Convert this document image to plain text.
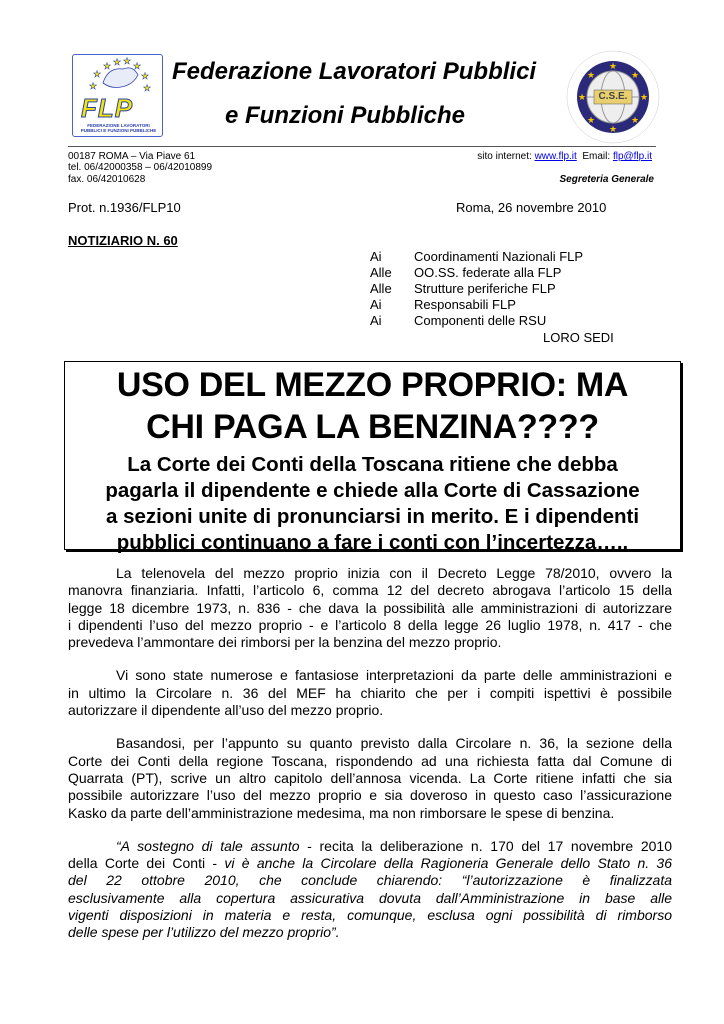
★ ★
★ ★
★	★
★	★
FLP
FEDERAZIONE LAVORATORI PUBBLICI E FUNZIONI PUBBLICHE
Federazione Lavoratori Pubblici
e Funzioni Pubbliche
★
★
★	★
★	★
★	★
C.S.E.
00187 ROMA – Via Piave 61
tel. 06/42000358 – 06/42010899
fax. 06/42010628
sito internet: www.flp.it Email: flp@flp.it
Segreteria Generale
Prot. n.1936/FLP10	Roma, 26 novembre 2010
NOTIZIARIO N. 60
Ai Coordinamenti Nazionali FLP
Alle OO.SS. federate alla FLP
Alle Strutture periferiche FLP
Ai Responsabili FLP
Ai Componenti delle RSU
LORO SEDI
USO DEL MEZZO PROPRIO: MA
CHI PAGA LA BENZINA????
La Corte dei Conti della Toscana ritiene che debba
pagarla il dipendente e chiede alla Corte di Cassazione
a sezioni unite di pronunciarsi in merito. E i dipendenti
pubblici continuano a fare i conti con l’incertezza…..
La telenovela del mezzo proprio inizia con il Decreto Legge 78/2010, ovvero la
manovra finanziaria. Infatti, l’articolo 6, comma 12 del decreto abrogava l’articolo 15 della
legge 18 dicembre 1973, n. 836 - che dava la possibilità alle amministrazioni di autorizzare
i dipendenti l’uso del mezzo proprio - e l’articolo 8 della legge 26 luglio 1978, n. 417 - che
prevedeva l’ammontare dei rimborsi per la benzina del mezzo proprio.
Vi sono state numerose e fantasiose interpretazioni da parte delle amministrazioni e
in ultimo la Circolare n. 36 del MEF ha chiarito che per i compiti ispettivi è possibile
autorizzare il dipendente all’uso del mezzo proprio.
Basandosi, per l’appunto su quanto previsto dalla Circolare n. 36, la sezione della
Corte dei Conti della regione Toscana, rispondendo ad una richiesta fatta dal Comune di
Quarrata (PT), scrive un altro capitolo dell’annosa vicenda. La Corte ritiene infatti che sia
possibile autorizzare l’uso del mezzo proprio e sia doveroso in questo caso l’assicurazione
Kasko da parte dell’amministrazione medesima, ma non rimborsare le spese di benzina.
“A sostegno di tale assunto - recita la deliberazione n. 170 del 17 novembre 2010
della Corte dei Conti - vi è anche la Circolare della Ragioneria Generale dello Stato n. 36
del 22 ottobre 2010, che conclude chiarendo: “l’autorizzazione è finalizzata
esclusivamente alla copertura assicurativa dovuta dall’Amministrazione in base alle
vigenti disposizioni in materia e resta, comunque, esclusa ogni possibilità di rimborso
delle spese per l’utilizzo del mezzo proprio”.
